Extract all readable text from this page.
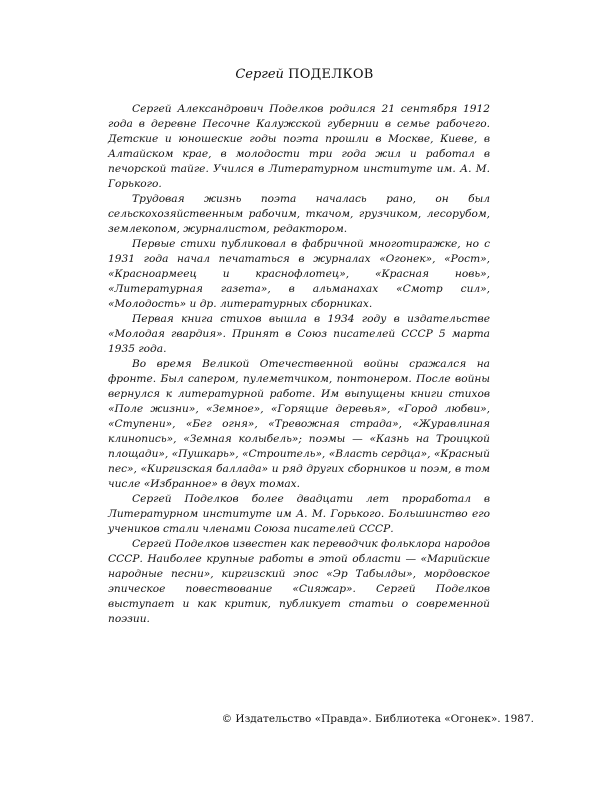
Сергей ПОДЕЛКОВ

Сергей Александрович Поделков родился 21 сентября 1912 года в деревне Песочне Калужской губернии в семье рабочего. Детские и юношеские годы поэта прошли в Москве, Киеве, в Алтайском крае, в молодости три года жил и работал в печорской тайге. Учился в Литературном институте им. А. М. Горького.

Трудовая жизнь поэта началась рано, он был сельскохозяйственным рабочим, ткачом, грузчиком, лесорубом, землекопом, журналистом, редактором.

Первые стихи публиковал в фабричной многотиражке, но с 1931 года начал печататься в журналах «Огонек», «Рост», «Красноармеец и краснофлотец», «Красная новь», «Литературная газета», в альманахах «Смотр сил», «Молодость» и др. литературных сборниках.

Первая книга стихов вышла в 1934 году в издательстве «Молодая гвардия». Принят в Союз писателей СССР 5 марта 1935 года.

Во время Великой Отечественной войны сражался на фронте. Был сапером, пулеметчиком, понтонером. После войны вернулся к литературной работе. Им выпущены книги стихов «Поле жизни», «Земное», «Горящие деревья», «Город любви», «Ступени», «Бег огня», «Тревожная страда», «Журавлиная клинопись», «Земная колыбель»; поэмы — «Казнь на Троицкой площади», «Пушкарь», «Строитель», «Власть сердца», «Красный пес», «Киргизская баллада» и ряд других сборников и поэм, в том числе «Избранное» в двух томах.

Сергей Поделков более двадцати лет проработал в Литературном институте им А. М. Горького. Большинство его учеников стали членами Союза писателей СССР.

Сергей Поделков известен как переводчик фольклора народов СССР. Наиболее крупные работы в этой области — «Марийские народные песни», киргизский эпос «Эр Табылды», мордовское эпическое повествование «Сияжар». Сергей Поделков выступает и как критик, публикует статьи о современной поэзии.

© Издательство «Правда». Библиотека «Огонек». 1987.
